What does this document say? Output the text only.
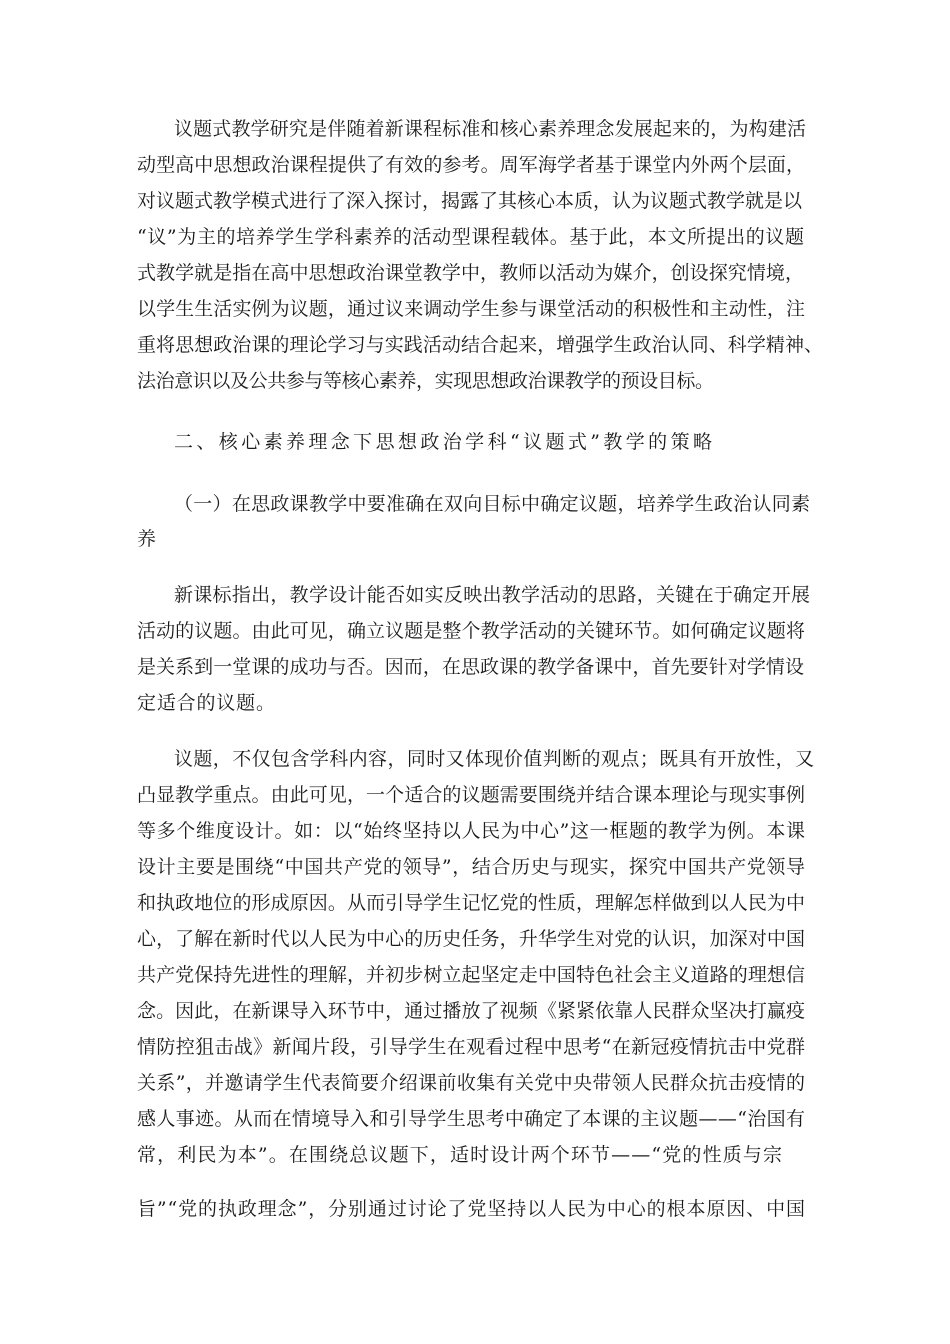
议题式教学研究是伴随着新课程标准和核心素养理念发展起来的，为构建活
动型高中思想政治课程提供了有效的参考。周军海学者基于课堂内外两个层面，
对议题式教学模式进行了深入探讨，揭露了其核心本质，认为议题式教学就是以
“议”为主的培养学生学科素养的活动型课程载体。基于此，本文所提出的议题
式教学就是指在高中思想政治课堂教学中，教师以活动为媒介，创设探究情境，
以学生生活实例为议题，通过议来调动学生参与课堂活动的积极性和主动性，注
重将思想政治课的理论学习与实践活动结合起来，增强学生政治认同、科学精神、
法治意识以及公共参与等核心素养，实现思想政治课教学的预设目标。
二、核心素养理念下思想政治学科“议题式”教学的策略
（一）在思政课教学中要准确在双向目标中确定议题，培养学生政治认同素
养
新课标指出，教学设计能否如实反映出教学活动的思路，关键在于确定开展
活动的议题。由此可见，确立议题是整个教学活动的关键环节。如何确定议题将
是关系到一堂课的成功与否。因而，在思政课的教学备课中，首先要针对学情设
定适合的议题。
议题，不仅包含学科内容，同时又体现价值判断的观点；既具有开放性，又
凸显教学重点。由此可见，一个适合的议题需要围绕并结合课本理论与现实事例
等多个维度设计。如：以“始终坚持以人民为中心”这一框题的教学为例。本课
设计主要是围绕“中国共产党的领导”，结合历史与现实，探究中国共产党领导
和执政地位的形成原因。从而引导学生记忆党的性质，理解怎样做到以人民为中
心，了解在新时代以人民为中心的历史任务，升华学生对党的认识，加深对中国
共产党保持先进性的理解，并初步树立起坚定走中国特色社会主义道路的理想信
念。因此，在新课导入环节中，通过播放了视频《紧紧依靠人民群众坚决打赢疫
情防控狙击战》新闻片段，引导学生在观看过程中思考“在新冠疫情抗击中党群
关系”，并邀请学生代表简要介绍课前收集有关党中央带领人民群众抗击疫情的
感人事迹。从而在情境导入和引导学生思考中确定了本课的主议题——“治国有
常，利民为本”。在围绕总议题下，适时设计两个环节——“党的性质与宗
旨”“党的执政理念”，分别通过讨论了党坚持以人民为中心的根本原因、中国
